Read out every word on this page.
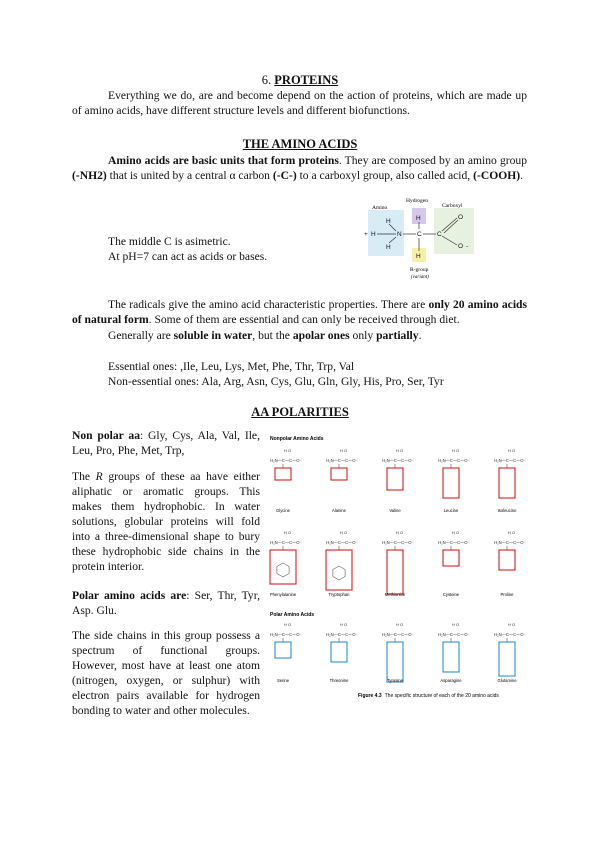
6. PROTEINS
Everything we do, are and become depend on the action of proteins, which are made up of amino acids, have different structure levels and different biofunctions.
THE AMINO ACIDS
Amino acids are basic units that form proteins. They are composed by an amino group (-NH2) that is united by a central α carbon (-C-) to a carboxyl group, also called acid, (-COOH).
The middle C is asimetric.
At pH=7 can act as acids or bases.
Hydrogen
Amino	Carboxyl
R-group
(variant)
+ H
H
H
N
H
C
H
C
O
O -
The radicals give the amino acid characteristic properties. There are only 20 amino acids of natural form. Some of them are essential and can only be received through diet.
Generally are soluble in water, but the apolar ones only partially.
Essential ones: ,Ile, Leu, Lys, Met, Phe, Thr, Trp, Val
Non-essential ones: Ala, Arg, Asn, Cys, Glu, Gln, Gly, His, Pro, Ser, Tyr
AA POLARITIES
Non polar aa: Gly, Cys, Ala, Val, Ile, Leu, Pro, Phe, Met, Trp,
The R groups of these aa have either aliphatic or aromatic groups. This makes them hydrophobic. In water solutions, globular proteins will fold into a three-dimensional shape to bury these hydrophobic side chains in the protein interior.
Polar amino acids are: Ser, Thr, Tyr, Asp. Glu.
The side chains in this group possess a spectrum of functional groups. However, most have at least one atom (nitrogen, oxygen, or sulphur) with electron pairs available for hydrogen bonding to water and other molecules.
Nonpolar Amino Acids
Polar Amino Acids
H₂N—C—C—O⁻
H O
H₂N—C—C—O⁻
H O
H₂N—C—C—O⁻
H O
H₂N—C—C—O⁻
H O
H₂N—C—C—O⁻
H O
H₂N—C—C—O⁻
H O
H₂N—C—C—O⁻
H O
H₂N—C—C—O⁻
H O
H₂N—C—C—O⁻
H O
H₂N—C—C—O⁻
H O
H₂N—C—C—O⁻
H O
H₂N—C—C—O⁻
H O
H₂N—C—C—O⁻
H O
H₂N—C—C—O⁻
H O
H₂N—C—C—O⁻
H O
Glycine	Alanine	Valine	Leucine	Isoleucine
Phenylalanine	Tryptophan	Methionine	Cysteine	Proline
Serine	Threonine	Tyrosine	Asparagine	Glutamine
Figure 4.3 The specific structure of each of the 20 amino acids
